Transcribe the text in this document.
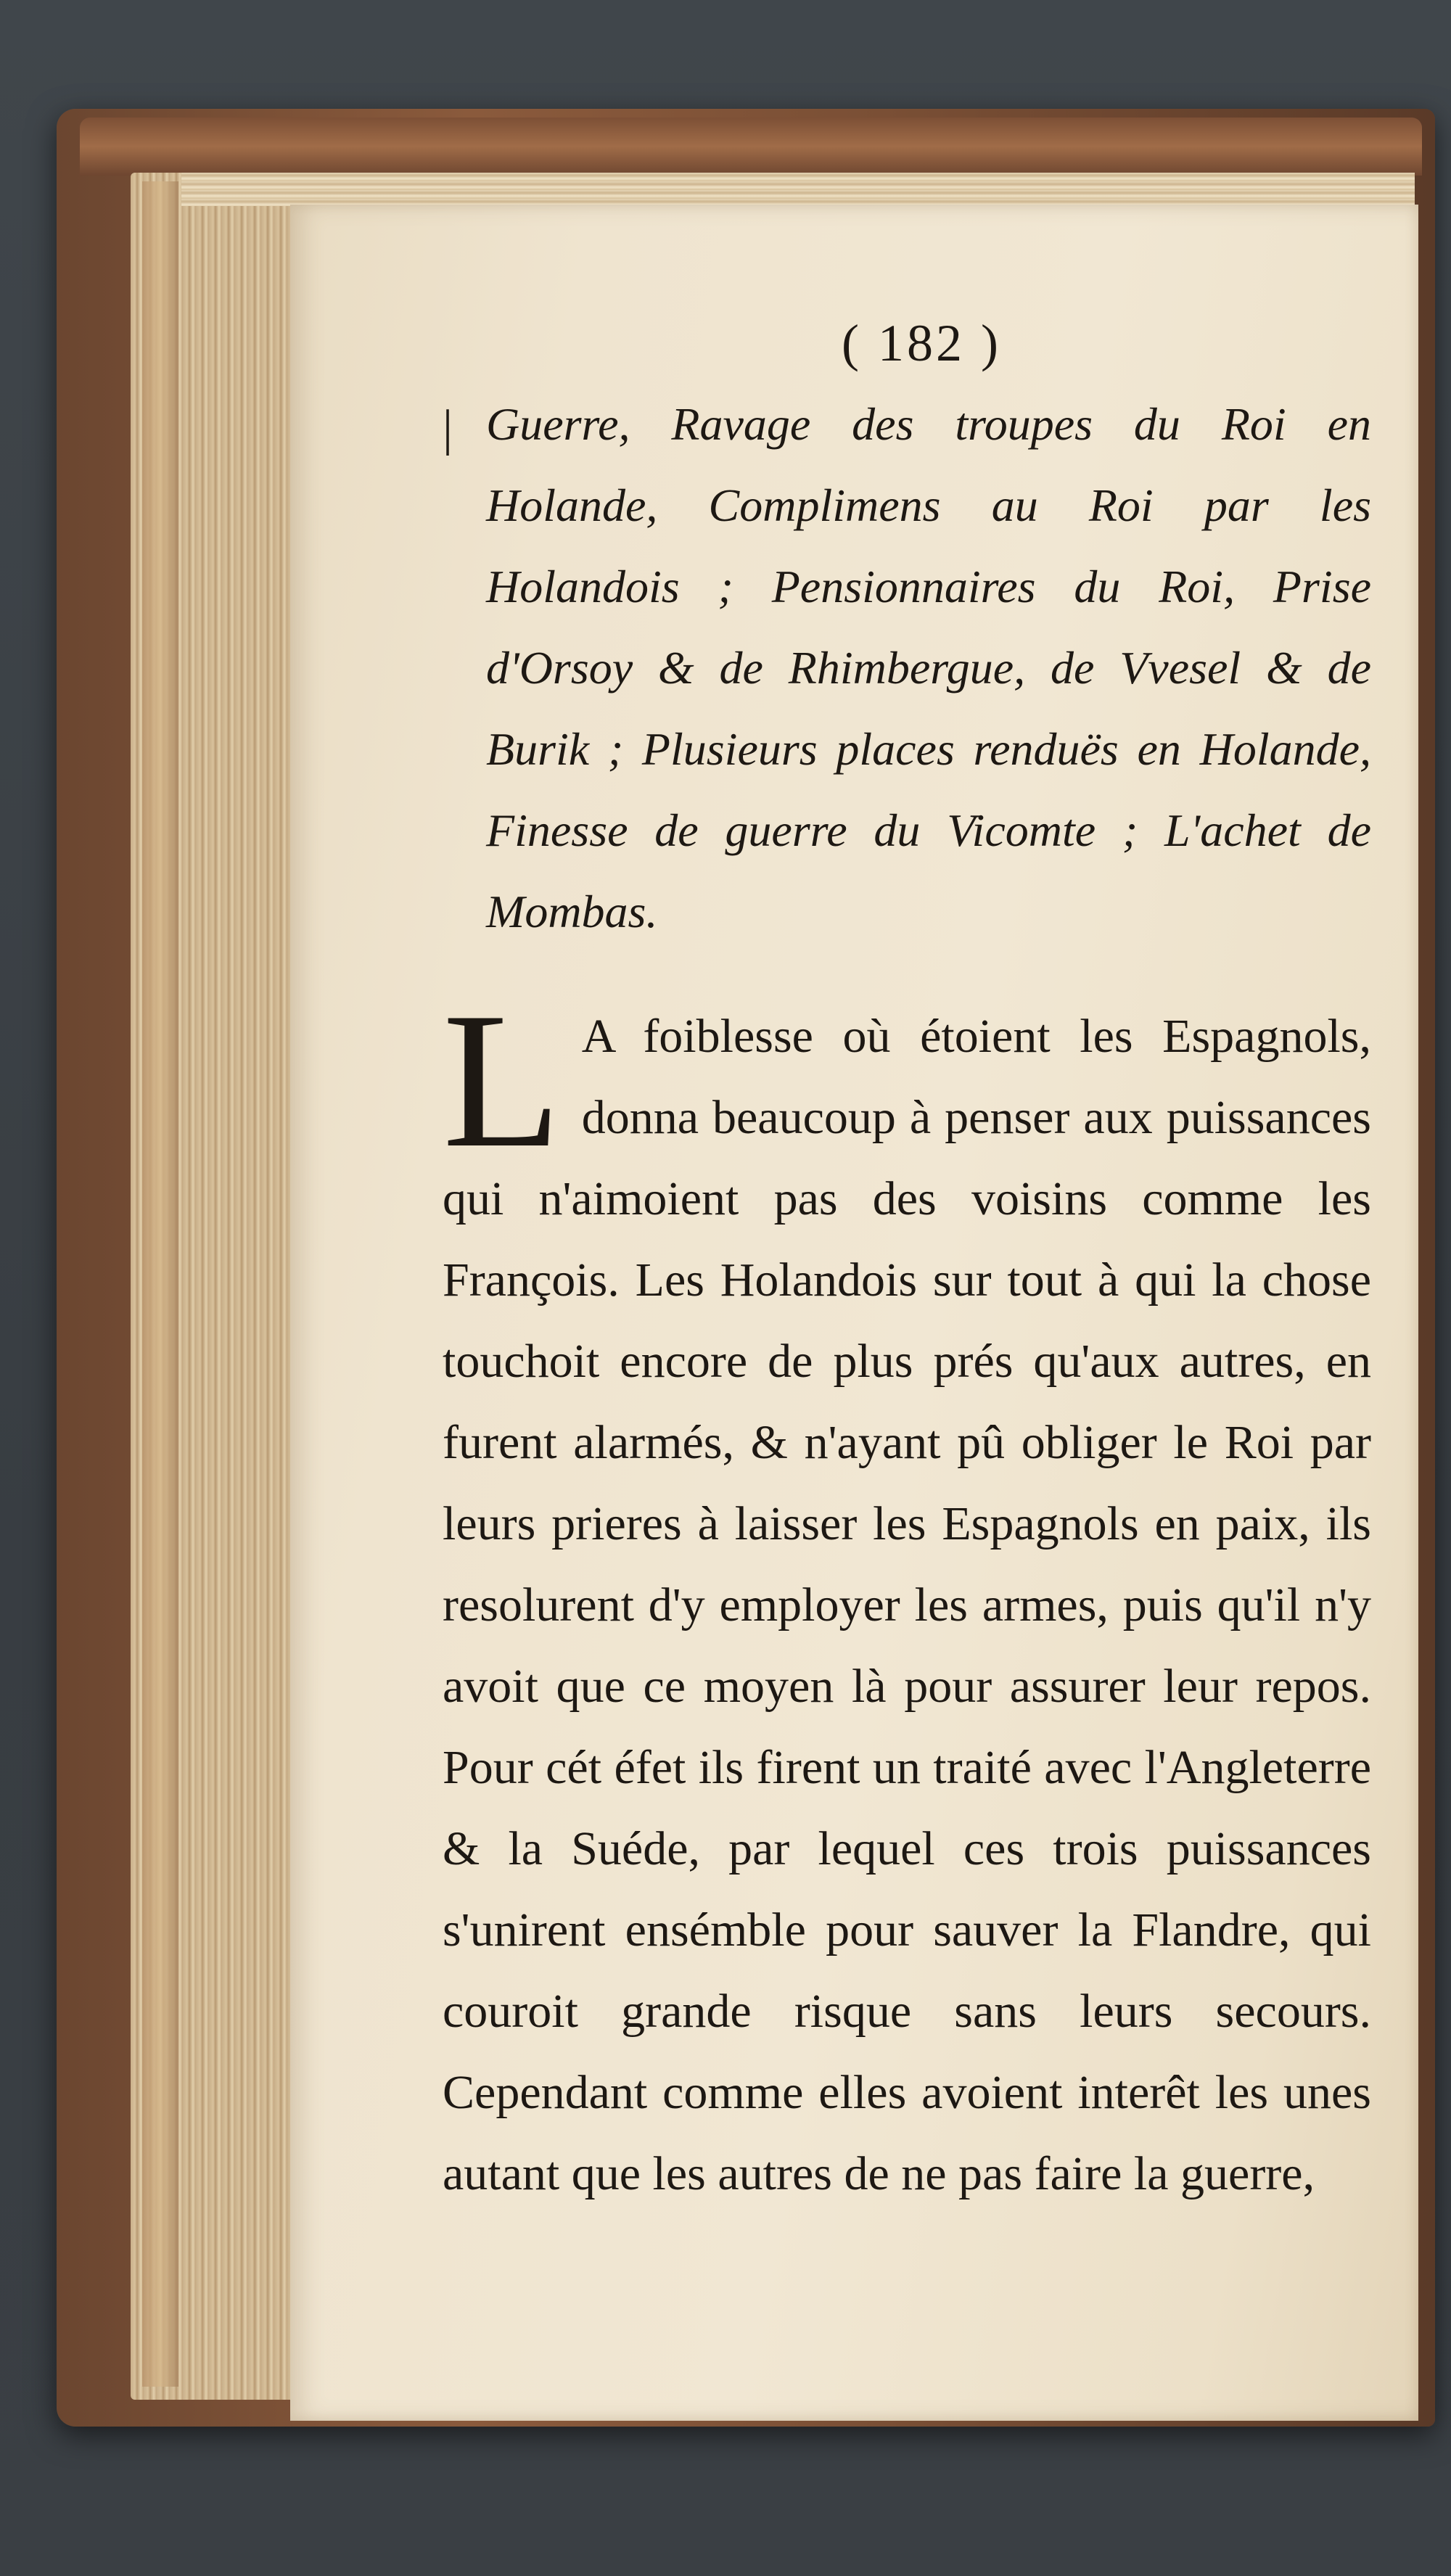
( 182 )

| Guerre, Ravage des troupes du Roi en Holande, Complimens au Roi par les Holandois ; Pensionnaires du Roi, Prise d'Orsoy & de Rhimbergue, de Vvesel & de Burik ; Plusieurs places renduës en Holande, Finesse de guerre du Vicomte ; L'achet de Mombas.

L A foiblesse où étoient les Espagnols, donna beaucoup à penser aux puissances qui n'aimoient pas des voisins comme les François. Les Holandois sur tout à qui la chose touchoit encore de plus prés qu'aux autres, en furent alarmés, & n'ayant pû obliger le Roi par leurs prieres à laisser les Espagnols en paix, ils resolurent d'y employer les armes, puis qu'il n'y avoit que ce moyen là pour assurer leur repos. Pour cét éfet ils firent un traité avec l'Angleterre & la Suéde, par lequel ces trois puissances s'unirent ensémble pour sauver la Flandre, qui couroit grande risque sans leurs secours. Cependant comme elles avoient interêt les unes autant que les autres de ne pas faire la guerre,
